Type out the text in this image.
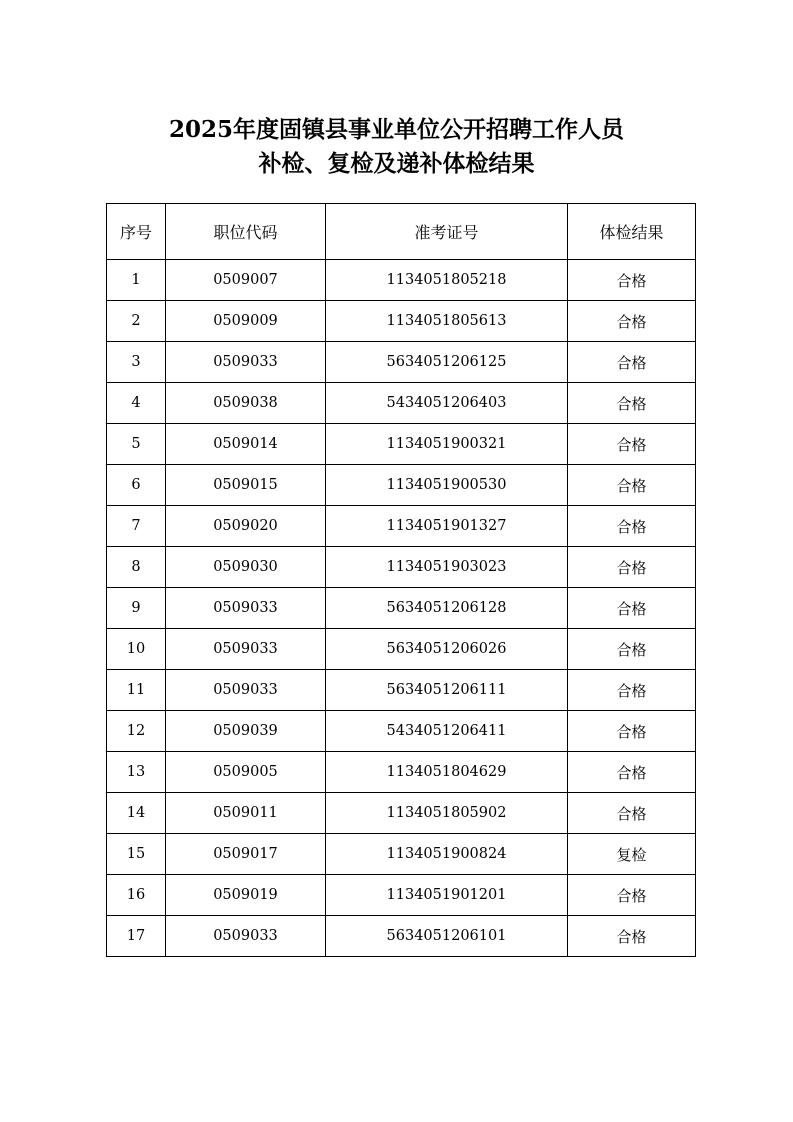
2025年度固镇县事业单位公开招聘工作人员
补检、复检及递补体检结果
序号	职位代码	准考证号	体检结果
1	0509007	1134051805218	合格
2	0509009	1134051805613	合格
3	0509033	5634051206125	合格
4	0509038	5434051206403	合格
5	0509014	1134051900321	合格
6	0509015	1134051900530	合格
7	0509020	1134051901327	合格
8	0509030	1134051903023	合格
9	0509033	5634051206128	合格
10	0509033	5634051206026	合格
11	0509033	5634051206111	合格
12	0509039	5434051206411	合格
13	0509005	1134051804629	合格
14	0509011	1134051805902	合格
15	0509017	1134051900824	复检
16	0509019	1134051901201	合格
17	0509033	5634051206101	合格
